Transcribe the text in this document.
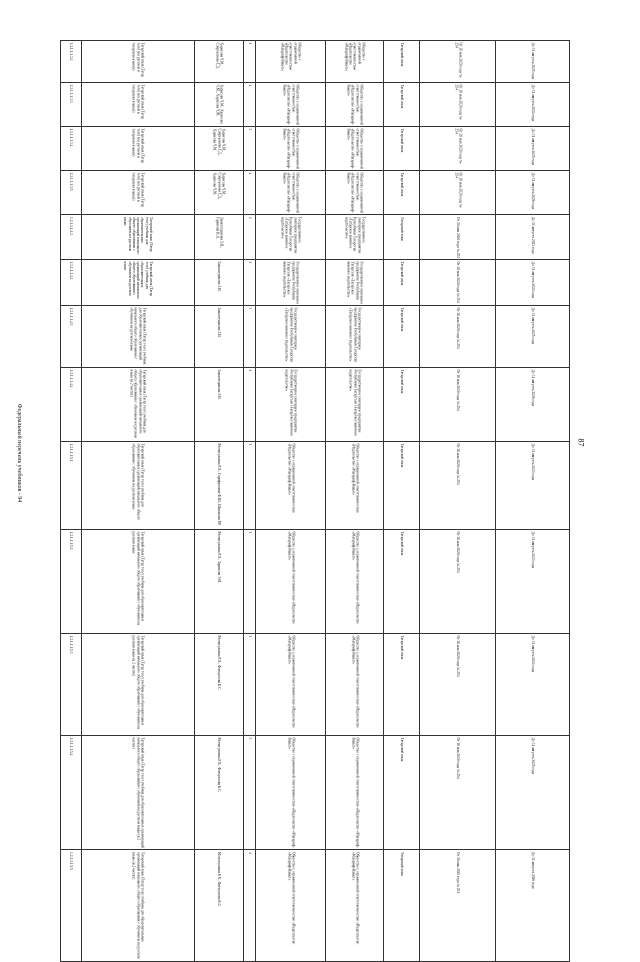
87
Федеральный перечень учебников - 94
1.2.1.1.1.3.2	Татарский язык (Татар теле) (на русском и татарском языках)	Харисова Ч.М., Сэиргалиева Г.Д.	1	Общество с ограниченной ответственностью «Издательство «Магариф-Вакыт»	Общество с ограниченной ответственностью «Издательство «Магариф-Вакыт»	Татарский язык	От 20 мая 2020 года № 254	До 31 августа 2025 года
1.2.1.1.1.3.3	Татарский язык (Татар теле) (на русском и татарском языках)	Харисова Ч.М., Харисова Ч.М., Харисова Ч.М.	2	Общество с ограниченной ответственностью «Издательство «Магариф-Вакыт»	Общество с ограниченной ответственностью «Издательство «Магариф-Вакыт»	Татарский язык	От 20 мая 2020 года № 254	До 31 августа 2024 года
1.2.1.1.1.3.4	Татарский язык (Татар теле) (на русском и татарском языках)	Харисова Ч.М., Сэиргалиева Г.Д., Харисова Ч.М.	3	Общество с ограниченной ответственностью «Издательство «Магариф-Вакыт»	Общество с ограниченной ответственностью «Издательство «Магариф-Вакыт»	Татарский язык	От 20 мая 2020 года № 254	До 31 августа 2025 года
1.2.1.1.1.3.5	Татарский язык (Татар теле) (на русском и татарском языках)	Харисова Ч.М., Сэиргалиева Г.Д., Харисова Ч.М.	4	Общество с ограниченной ответственностью «Издательство «Магариф-Вакыт»	Общество с ограниченной ответственностью «Издательство «Магариф-Вакыт»	Татарский язык	От 20 мая 2020 года № 254	До 31 августа 2026 года
1.2.1.1.1.4.1	Татарский язык (Татар теле) учебник для образовательных организаций начального общего образования с обучением на русском языке	Замалетдинова З.Н., Гарипова В.А.	1	Государственное унитарное предприятие Республики Татарстан «Татарское книжное издательство»	Государственное унитарное предприятие Республики Татарстан «Татарское книжное издательство»	Татарский язык	От 20 мая 2020 года № 254	До 31 августа 2023 года
1.2.1.1.1.4.2	Татарский язык (Татар теле) учебник для образовательных организаций начального общего образования с обучением на русском языке	Замалетдинова З.Н.	2	Государственное унитарное предприятие Республики Татарстан «Татарское книжное издательство»	Государственное унитарное предприятие Республики Татарстан «Татарское книжное издательство»	Татарский язык	От 20 мая 2020 года № 254	До 31 августа 2024 года
1.2.1.1.1.4.3	Татарский язык (Татар теле) учебник для образовательных организаций начального общего образования с обучением на русском языке	Замалетдинова З.Н.	3	Государственное унитарное предприятие Республики Татарстан «Татарское книжное издательство»	Государственное унитарное предприятие Республики Татарстан «Татарское книжное издательство»	Татарский язык	От 20 мая 2020 года № 254	До 31 августа 2025 года
1.2.1.1.1.4.4	Татарский язык (Татар теле) учебник для образовательных организаций начального общего образования с обучением на русском языке (в 2 частях)	Замалетдинова З.Н.	4	Государственное унитарное предприятие Республики Татарстан «Татарское книжное издательство»	Государственное унитарное предприятие Республики Татарстан «Татарское книжное издательство»	Татарский язык	От 20 мая 2020 года № 254	До 31 августа 2026 года
1.2.1.1.1.5.1	Татарский язык (Татар теле) учебник для образовательных организаций начального общего образования с обучением на русском языке	Мотыгуллина Р.Х., Гарифуллина Ф.Ш., Шигапова Р.Р.	1	Общество с ограниченной ответственностью «Издательство «Магариф-Вакыт»	Общество с ограниченной ответственностью «Издательство «Магариф-Вакыт»	Татарский язык	От 20 мая 2020 года № 254	До 31 августа 2023 года
1.2.1.1.1.5.2	Татарский язык (Татар теле) учебник для образовательных организаций начального общего образования с обучением на русском языке	Мотыгуллина Р.Х., Зарипова Э.И.	1	Общество с ограниченной ответственностью «Издательство «Магариф-Вакыт»	Общество с ограниченной ответственностью «Издательство «Магариф-Вакыт»	Татарский язык	От 20 мая 2020 года № 254	До 31 августа 2023 года
1.2.1.1.1.5.3	Татарский язык (Татар теле) учебник для образовательных организаций начального общего образования с обучением на русском языке (в 2 частях)	Мотыгуллина Р.Х., Фатхуллова К.С.	2	Общество с ограниченной ответственностью «Издательство «Магариф-Вакыт»	Общество с ограниченной ответственностью «Издательство «Магариф-Вакыт»	Татарский язык	От 20 мая 2020 года № 254	До 31 августа 2024 года
1.2.1.1.1.5.4	Татарский язык (Татар теле) учебник для образовательных организаций начального общего образования с обучением на русском языке (в 2 частях)	Мотыгуллина Р.Х., Фатхуллова К.С.	3	Общество с ограниченной ответственностью «Издательство «Магариф-Вакыт»	Общество с ограниченной ответственностью «Издательство «Магариф-Вакыт»	Татарский язык	От 20 мая 2020 года № 254	До 31 августа 2025 года
1.2.1.1.1.5.5	Татарский язык (Татар теле) учебник для образовательных организаций начального общего образования с обучением на русском языке (в 2 частях)	Мотыгуллина Р.Х., Фатхуллова К.С.	4	Общество с ограниченной ответственностью «Издательство «Магариф-Вакыт»	Общество с ограниченной ответственностью «Издательство «Магариф-Вакыт»	Татарский язык	От 20 мая 2020 года № 254	До 31 августа 2026 года
